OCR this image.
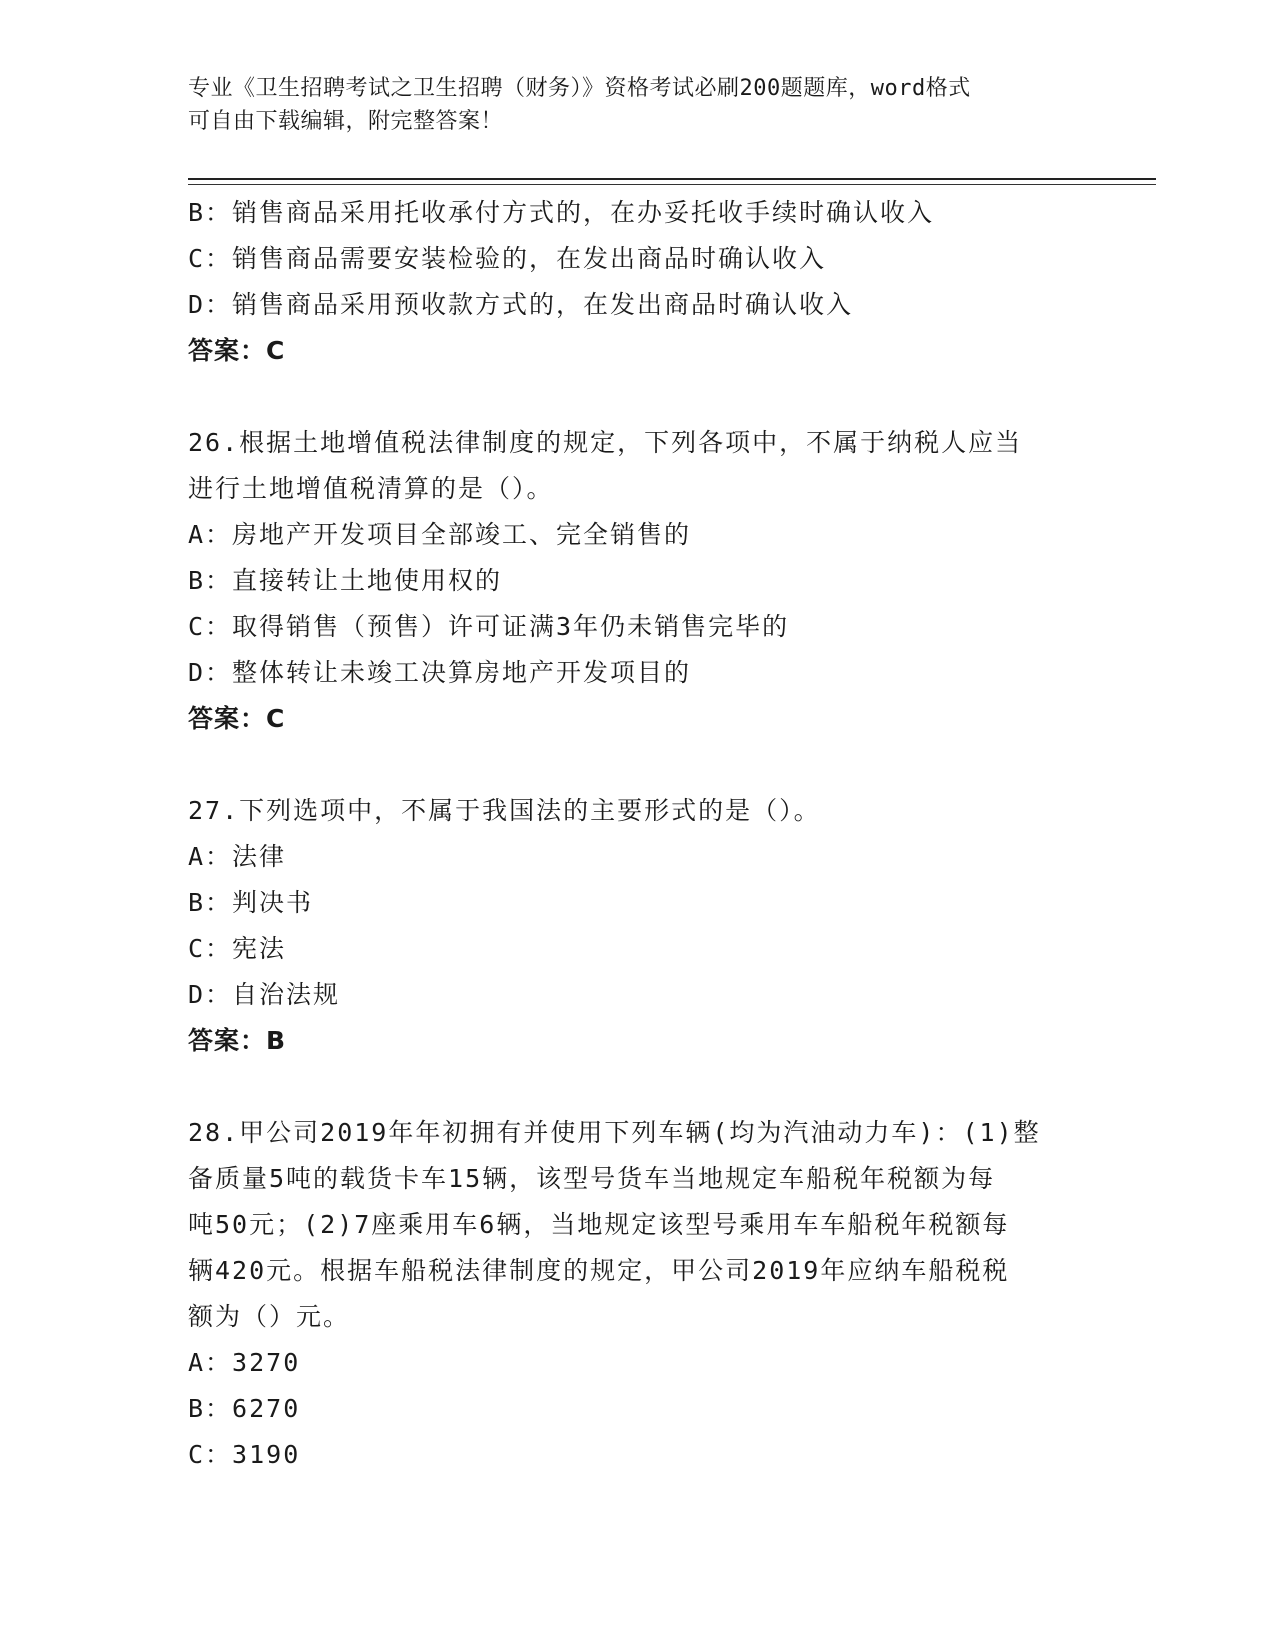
专业《卫生招聘考试之卫生招聘（财务）》资格考试必刷200题题库，word格式
可自由下载编辑，附完整答案！
B：销售商品采用托收承付方式的，在办妥托收手续时确认收入
C：销售商品需要安装检验的，在发出商品时确认收入
D：销售商品采用预收款方式的，在发出商品时确认收入
答案：C
26.根据土地增值税法律制度的规定，下列各项中，不属于纳税人应当
进行土地增值税清算的是（）。
A：房地产开发项目全部竣工、完全销售的
B：直接转让土地使用权的
C：取得销售（预售）许可证满3年仍未销售完毕的
D：整体转让未竣工决算房地产开发项目的
答案：C
27.下列选项中，不属于我国法的主要形式的是（）。
A：法律
B：判决书
C：宪法
D：自治法规
答案：B
28.甲公司2019年年初拥有并使用下列车辆(均为汽油动力车)：(1)整
备质量5吨的载货卡车15辆，该型号货车当地规定车船税年税额为每
吨50元；(2)7座乘用车6辆，当地规定该型号乘用车车船税年税额每
辆420元。根据车船税法律制度的规定，甲公司2019年应纳车船税税
额为（）元。
A：3270
B：6270
C：3190
